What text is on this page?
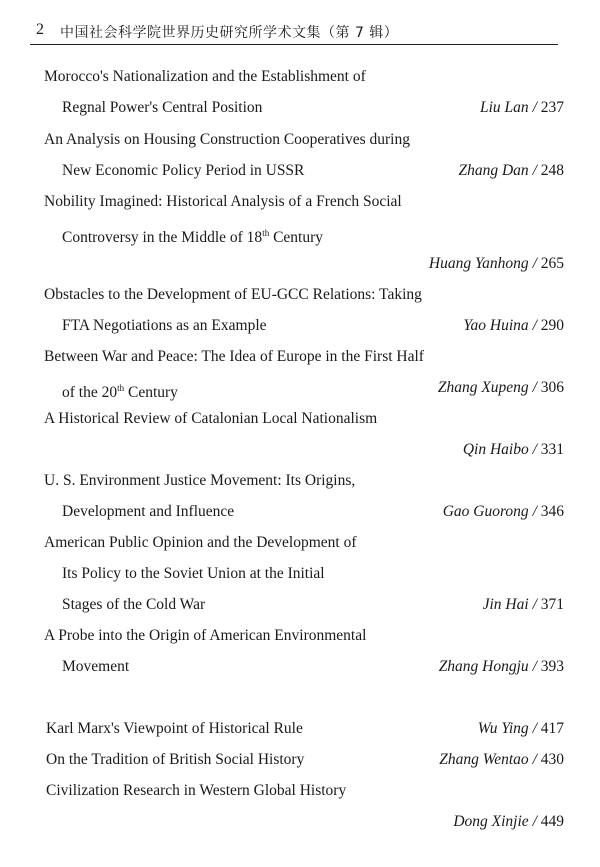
2 中国社会科学院世界历史研究所学术文集（第 7 辑）
Morocco's Nationalization and the Establishment of
Regnal Power's Central Position	Liu Lan / 237
An Analysis on Housing Construction Cooperatives during
New Economic Policy Period in USSR	Zhang Dan / 248
Nobility Imagined: Historical Analysis of a French Social
Controversy in the Middle of 18th Century
Huang Yanhong / 265
Obstacles to the Development of EU-GCC Relations: Taking
FTA Negotiations as an Example	Yao Huina / 290
Between War and Peace: The Idea of Europe in the First Half
of the 20th Century	Zhang Xupeng / 306
A Historical Review of Catalonian Local Nationalism
Qin Haibo / 331
U. S. Environment Justice Movement: Its Origins,
Development and Influence	Gao Guorong / 346
American Public Opinion and the Development of
Its Policy to the Soviet Union at the Initial
Stages of the Cold War	Jin Hai / 371
A Probe into the Origin of American Environmental
Movement	Zhang Hongju / 393
Karl Marx's Viewpoint of Historical Rule	Wu Ying / 417
On the Tradition of British Social History	Zhang Wentao / 430
Civilization Research in Western Global History
Dong Xinjie / 449
